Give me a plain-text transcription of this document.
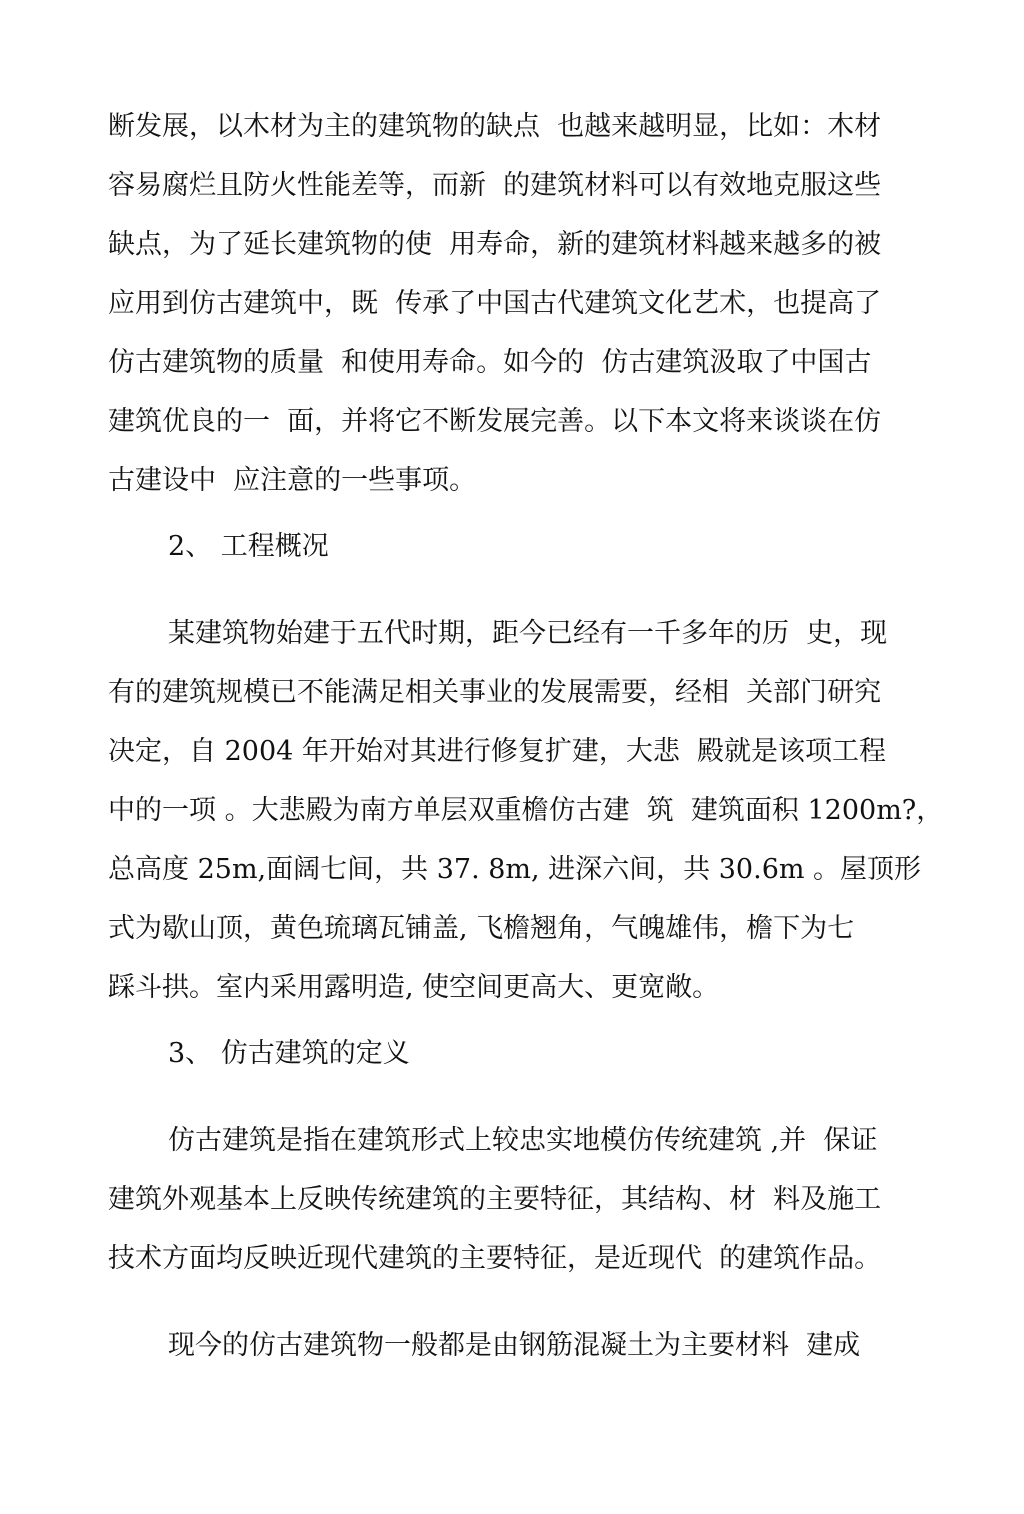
断发展，以木材为主的建筑物的缺点  也越来越明显，比如：木材
容易腐烂且防火性能差等，而新  的建筑材料可以有效地克服这些
缺点，为了延长建筑物的使  用寿命，新的建筑材料越来越多的被
应用到仿古建筑中，既  传承了中国古代建筑文化艺术，也提高了
仿古建筑物的质量  和使用寿命。如今的  仿古建筑汲取了中国古
建筑优良的一  面，并将它不断发展完善。以下本文将来谈谈在仿
古建设中  应注意的一些事项。
2、 工程概况
某建筑物始建于五代时期，距今已经有一千多年的历  史，现
有的建筑规模已不能满足相关事业的发展需要，经相  关部门研究
决定，自 2004 年开始对其进行修复扩建，大悲  殿就是该项工程
中的一项 。大悲殿为南方单层双重檐仿古建  筑  建筑面积 1200m?，
总高度 25m,面阔七间，共 37. 8m, 进深六间，共 30.6m 。屋顶形
式为歇山顶，黄色琉璃瓦铺盖, 飞檐翘角，气魄雄伟，檐下为七
踩斗拱。室内采用露明造, 使空间更高大、更宽敞。
3、 仿古建筑的定义
仿古建筑是指在建筑形式上较忠实地模仿传统建筑 ,并  保证
建筑外观基本上反映传统建筑的主要特征，其结构、材  料及施工
技术方面均反映近现代建筑的主要特征，是近现代  的建筑作品。
现今的仿古建筑物一般都是由钢筋混凝土为主要材料  建成
